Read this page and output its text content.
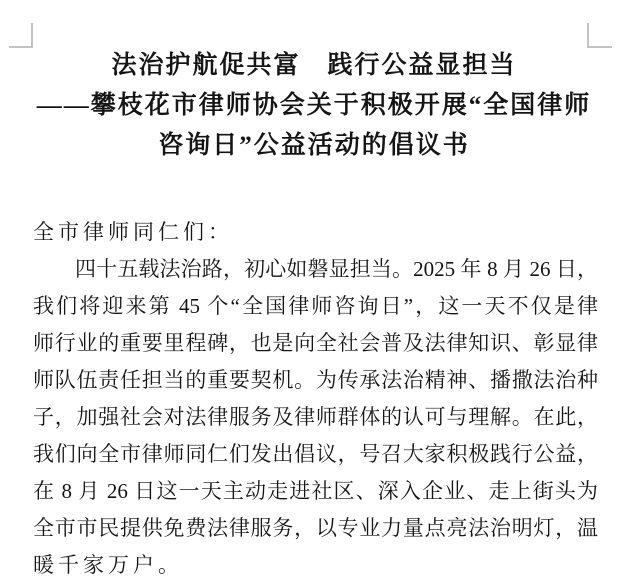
法治护航促共富　践行公益显担当
——攀枝花市律师协会关于积极开展“全国律师
咨询日”公益活动的倡议书
全市律师同仁们：
四十五载法治路，初心如磐显担当。2025 年 8 月 26 日，
我们将迎来第 45 个“全国律师咨询日”，这一天不仅是律
师行业的重要里程碑，也是向全社会普及法律知识、彰显律
师队伍责任担当的重要契机。为传承法治精神、播撒法治种
子，加强社会对法律服务及律师群体的认可与理解。在此，
我们向全市律师同仁们发出倡议，号召大家积极践行公益，
在 8 月 26 日这一天主动走进社区、深入企业、走上街头为
全市市民提供免费法律服务，以专业力量点亮法治明灯，温
暖千家万户。
